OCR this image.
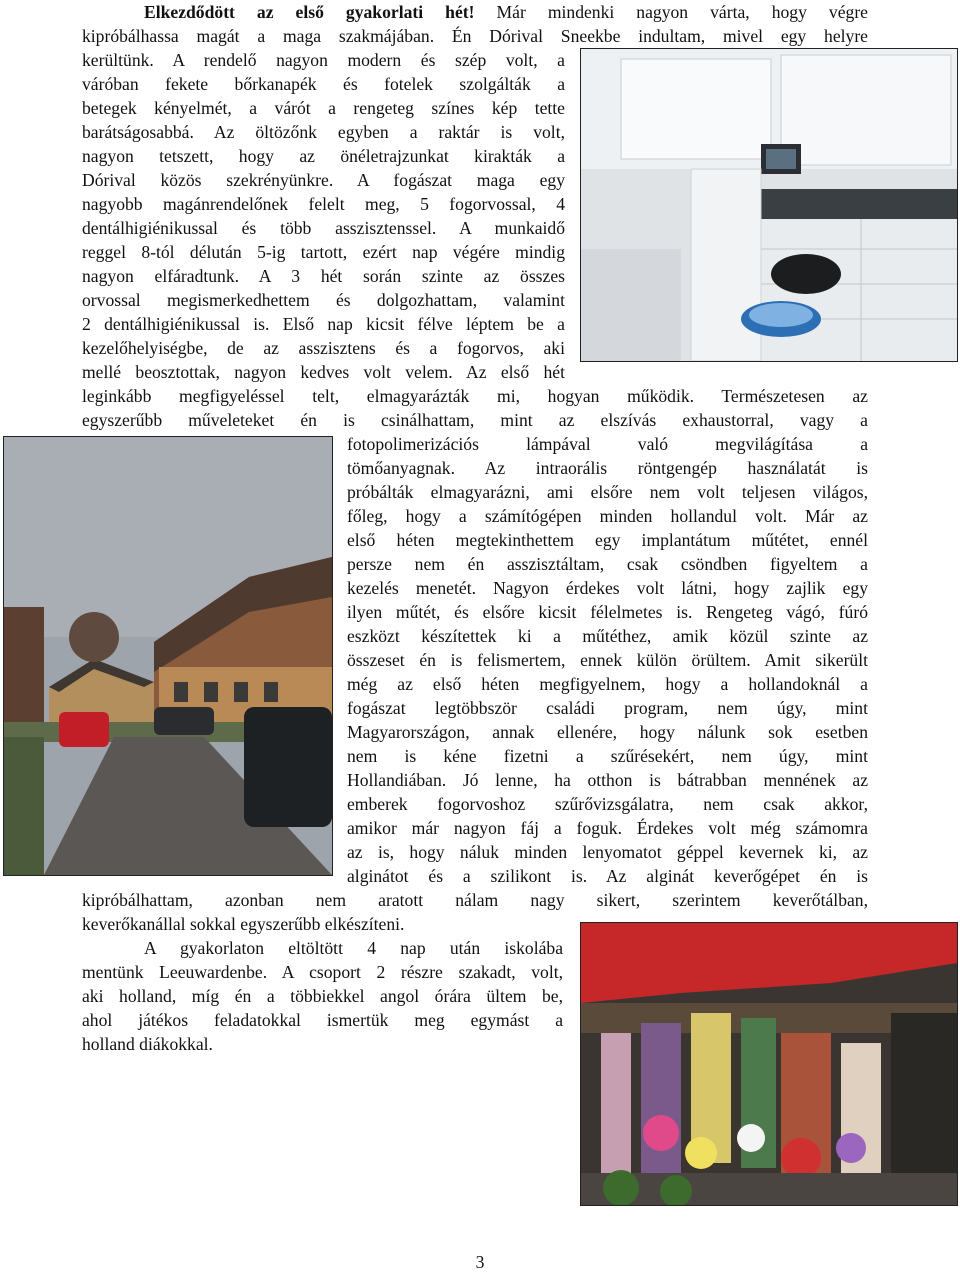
Elkezdődött az első gyakorlati hét! Már mindenki nagyon várta, hogy végre
kipróbálhassa magát a maga szakmájában. Én Dórival Sneekbe indultam, mivel egy helyre
kerültünk. A rendelő nagyon modern és szép volt, a
váróban fekete bőrkanapék és fotelek szolgálták a
betegek kényelmét, a várót a rengeteg színes kép tette
barátságosabbá. Az öltözőnk egyben a raktár is volt,
nagyon tetszett, hogy az önéletrajzunkat kirakták a
Dórival közös szekrényünkre. A fogászat maga egy
nagyobb magánrendelőnek felelt meg, 5 fogorvossal, 4
dentálhigiénikussal és több asszisztenssel. A munkaidő
reggel 8-tól délután 5-ig tartott, ezért nap végére mindig
nagyon elfáradtunk. A 3 hét során szinte az összes
orvossal megismerkedhettem és dolgozhattam, valamint
2 dentálhigiénikussal is. Első nap kicsit félve léptem be a
kezelőhelyiségbe, de az asszisztens és a fogorvos, aki
mellé beosztottak, nagyon kedves volt velem. Az első hét
leginkább megfigyeléssel telt, elmagyarázták mi, hogyan működik. Természetesen az
egyszerűbb műveleteket én is csinálhattam, mint az elszívás exhaustorral, vagy a
fotopolimerizációs lámpával való megvilágítása a
tömőanyagnak. Az intraorális röntgengép használatát is
próbálták elmagyarázni, ami elsőre nem volt teljesen világos,
főleg, hogy a számítógépen minden hollandul volt. Már az
első héten megtekinthettem egy implantátum műtétet, ennél
persze nem én asszisztáltam, csak csöndben figyeltem a
kezelés menetét. Nagyon érdekes volt látni, hogy zajlik egy
ilyen műtét, és elsőre kicsit félelmetes is. Rengeteg vágó, fúró
eszközt készítettek ki a műtéthez, amik közül szinte az
összeset én is felismertem, ennek külön örültem. Amit sikerült
még az első héten megfigyelnem, hogy a hollandoknál a
fogászat legtöbbször családi program, nem úgy, mint
Magyarországon, annak ellenére, hogy nálunk sok esetben
nem is kéne fizetni a szűrésekért, nem úgy, mint
Hollandiában. Jó lenne, ha otthon is bátrabban mennének az
emberek fogorvoshoz szűrővizsgálatra, nem csak akkor,
amikor már nagyon fáj a foguk. Érdekes volt még számomra
az is, hogy náluk minden lenyomatot géppel kevernek ki, az
alginátot és a szilikont is. Az alginát keverőgépet én is
kipróbálhattam, azonban nem aratott nálam nagy sikert, szerintem keverőtálban,
keverőkanállal sokkal egyszerűbb elkészíteni.
A gyakorlaton eltöltött 4 nap után iskolába
mentünk Leeuwardenbe. A csoport 2 részre szakadt, volt,
aki holland, míg én a többiekkel angol órára ültem be,
ahol játékos feladatokkal ismertük meg egymást a
holland diákokkal.
3
